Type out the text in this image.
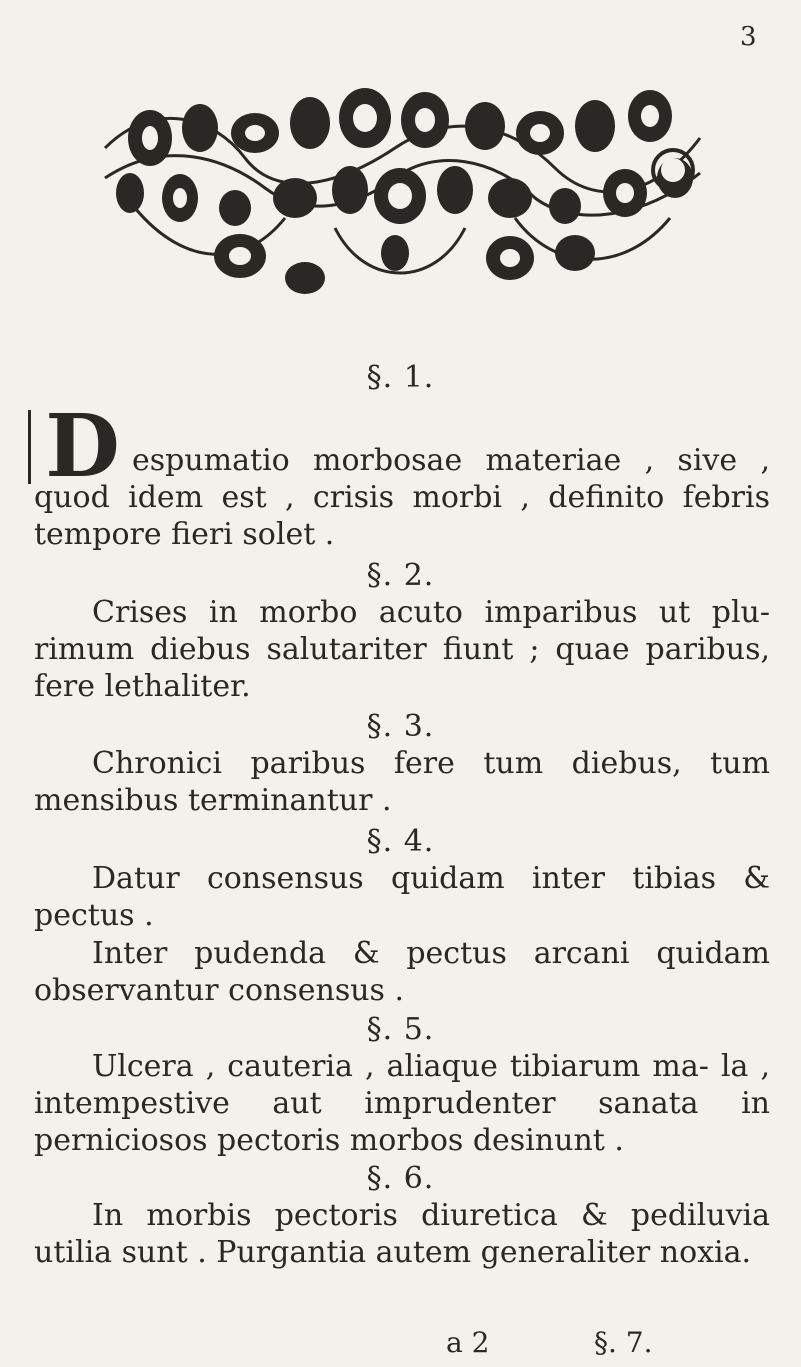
3
§. 1.
D espumatio morbosae materiae , sive ,
quod idem est , crisis morbi , definito febris tempore fieri solet .
§. 2.
Crises in morbo acuto imparibus ut plu- rimum diebus salutariter fiunt ; quae paribus, fere lethaliter.
§. 3.
Chronici paribus fere tum diebus, tum mensibus terminantur .
§. 4.
Datur consensus quidam inter tibias & pectus .
Inter pudenda & pectus arcani quidam observantur consensus .
§. 5.
Ulcera , cauteria , aliaque tibiarum ma- la , intempestive aut imprudenter sanata in perniciosos pectoris morbos desinunt .
§. 6.
In morbis pectoris diuretica & pediluvia utilia sunt . Purgantia autem generaliter noxia.
a 2	§. 7.
